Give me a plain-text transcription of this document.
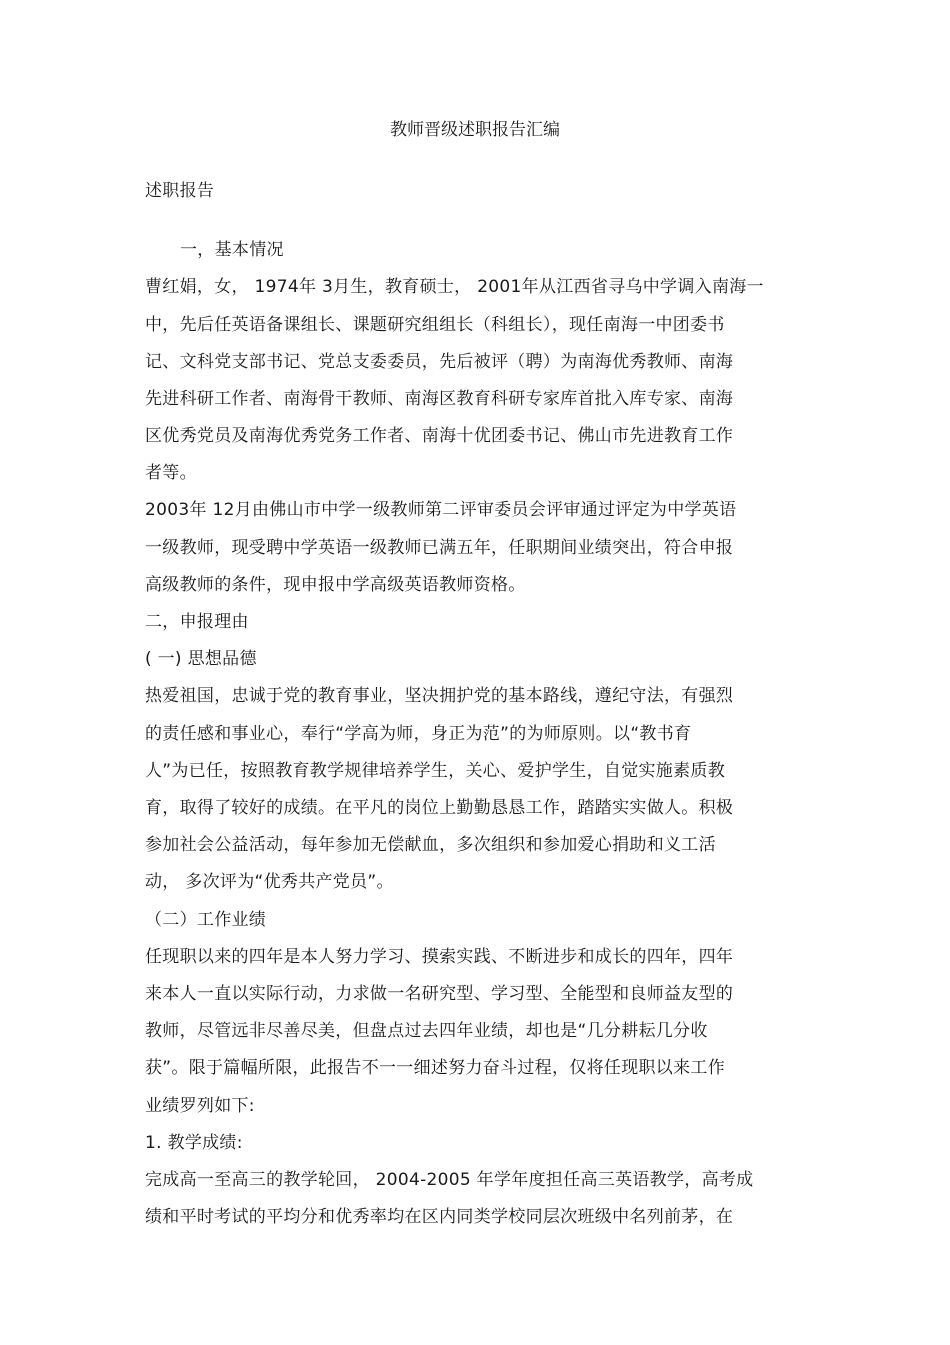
教师晋级述职报告汇编
述职报告
一，基本情况
曹红娟，女， 1974年 3月生，教育硕士， 2001年从江西省寻乌中学调入南海一
中，先后任英语备课组长、课题研究组组长（科组长），现任南海一中团委书
记、文科党支部书记、党总支委委员，先后被评（聘）为南海优秀教师、南海
先进科研工作者、南海骨干教师、南海区教育科研专家库首批入库专家、南海
区优秀党员及南海优秀党务工作者、南海十优团委书记、佛山市先进教育工作
者等。
2003年 12月由佛山市中学一级教师第二评审委员会评审通过评定为中学英语
一级教师，现受聘中学英语一级教师已满五年，任职期间业绩突出，符合申报
高级教师的条件，现申报中学高级英语教师资格。
二，申报理由
( 一) 思想品德
热爱祖国，忠诚于党的教育事业，坚决拥护党的基本路线，遵纪守法，有强烈
的责任感和事业心，奉行“学高为师，身正为范”的为师原则。以“教书育
人”为已任，按照教育教学规律培养学生，关心、爱护学生，自觉实施素质教
育，取得了较好的成绩。在平凡的岗位上勤勤恳恳工作，踏踏实实做人。积极
参加社会公益活动，每年参加无偿献血，多次组织和参加爱心捐助和义工活
动， 多次评为“优秀共产党员”。
（二）工作业绩
任现职以来的四年是本人努力学习、摸索实践、不断进步和成长的四年，四年
来本人一直以实际行动，力求做一名研究型、学习型、全能型和良师益友型的
教师，尽管远非尽善尽美，但盘点过去四年业绩，却也是“几分耕耘几分收
获”。限于篇幅所限，此报告不一一细述努力奋斗过程，仅将任现职以来工作
业绩罗列如下:
1. 教学成绩:
完成高一至高三的教学轮回， 2004-2005 年学年度担任高三英语教学，高考成
绩和平时考试的平均分和优秀率均在区内同类学校同层次班级中名列前茅，在
